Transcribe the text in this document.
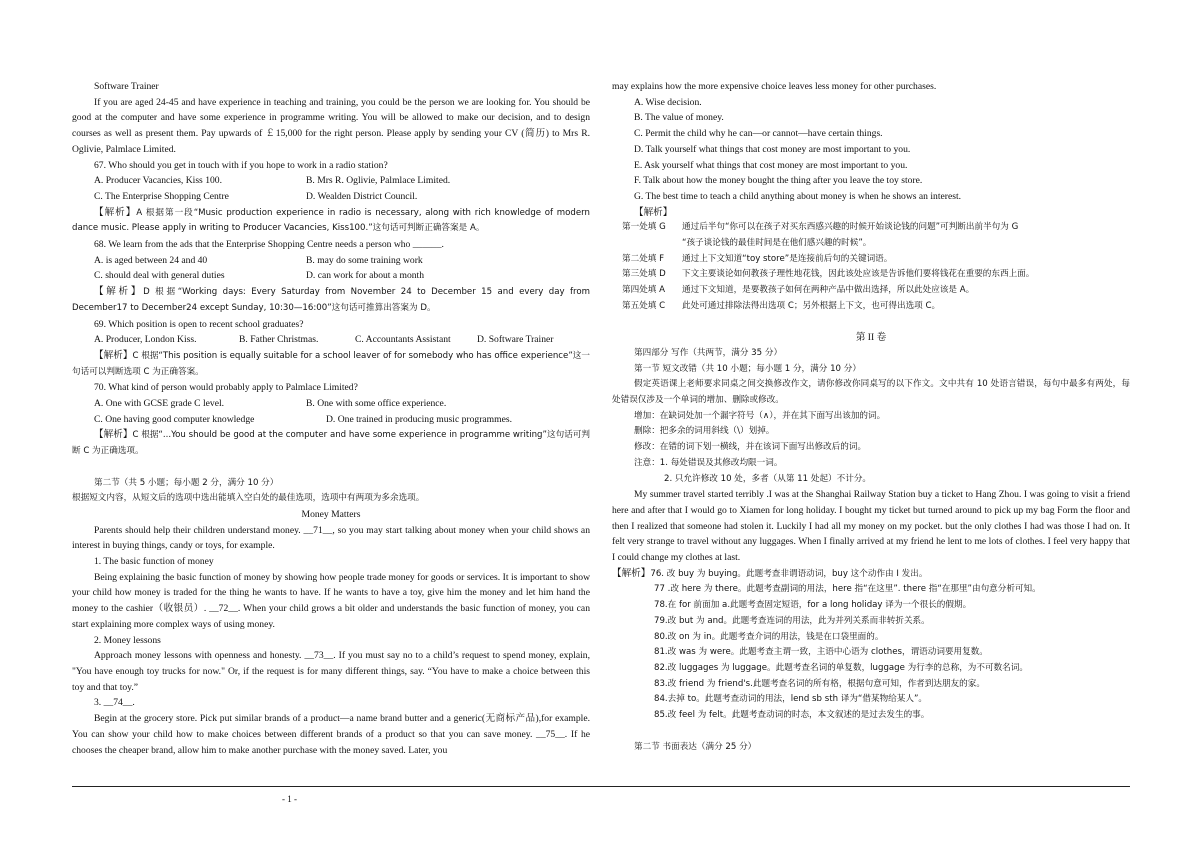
Software Trainer

If you are aged 24-45 and have experience in teaching and training, you could be the person we are looking for. You should be good at the computer and have some experience in programme writing. You will be allowed to make our decision, and to design courses as well as present them. Pay upwards of ￡15,000 for the right person. Please apply by sending your CV (简历) to Mrs R. Oglivie, Palmlace Limited.

67. Who should you get in touch with if you hope to work in a radio station?
A. Producer Vacancies, Kiss 100.	B. Mrs R. Oglivie, Palmlace Limited.
C. The Enterprise Shopping Centre	D. Wealden District Council.

【解析】A 根据第一段“Music production experience in radio is necessary, along with rich knowledge of modern dance music. Please apply in writing to Producer Vacancies, Kiss100.”这句话可判断正确答案是 A。

68. We learn from the ads that the Enterprise Shopping Centre needs a person who ______.
A. is aged between 24 and 40	B. may do some training work
C. should deal with general duties	D. can work for about a month

【解析】D 根据“Working days: Every Saturday from November 24 to December 15 and every day from December17 to December24 except Sunday, 10:30—16:00”这句话可推算出答案为 D。

69. Which position is open to recent school graduates?
A. Producer, London Kiss.	B. Father Christmas.	C. Accountants Assistant	D. Software Trainer

【解析】C 根据“This position is equally suitable for a school leaver of for somebody who has office experience”这一句话可以判断选项 C 为正确答案。

70. What kind of person would probably apply to Palmlace Limited?
A. One with GCSE grade C level.	B. One with some office experience.
C. One having good computer knowledge	D. One trained in producing music programmes.

【解析】C 根据“...You should be good at the computer and have some experience in programme writing”这句话可判断 C 为正确选项。

第二节（共 5 小题；每小题 2 分，满分 10 分）
根据短文内容，从短文后的选项中选出能填入空白处的最佳选项，选项中有两项为多余选项。
Money Matters

Parents should help their children understand money. __71__, so you may start talking about money when your child shows an interest in buying things, candy or toys, for example.

1. The basic function of money

Being explaining the basic function of money by showing how people trade money for goods or services. It is important to show your child how money is traded for the thing he wants to have. If he wants to have a toy, give him the money and let him hand the money to the cashier（收银员）. __72__. When your child grows a bit older and understands the basic function of money, you can start explaining more complex ways of using money.

2. Money lessons

Approach money lessons with openness and honesty. __73__. If you must say no to a child’s request to spend money, explain, "You have enough toy trucks for now." Or, if the request is for many different things, say. “You have to make a choice between this toy and that toy.”

3. __74__.

Begin at the grocery store. Pick put similar brands of a product—a name brand butter and a generic(无商标产品),for example. You can show your child how to make choices between different brands of a product so that you can save money. __75__. If he chooses the cheaper brand, allow him to make another purchase with the money saved. Later, you

may explains how the more expensive choice leaves less money for other purchases.
A. Wise decision.
B. The value of money.
C. Permit the child why he can—or cannot—have certain things.
D. Talk yourself what things that cost money are most important to you.
E. Ask yourself what things that cost money are most important to you.
F. Talk about how the money bought the thing after you leave the toy store.
G. The best time to teach a child anything about money is when he shows an interest.
【解析】
第一处填 G	通过后半句“你可以在孩子对买东西感兴趣的时候开始谈论钱的问题”可判断出前半句为 G
“孩子谈论钱的最佳时间是在他们感兴趣的时候”。
第二处填 F	通过上下文知道“toy store”是连接前后句的关键词语。
第三处填 D	下文主要谈论如何教孩子理性地花钱，因此该处应该是告诉他们要将钱花在重要的东西上面。
第四处填 A	通过下文知道，是要教孩子如何在两种产品中做出选择，所以此处应该是 A。
第五处填 C	此处可通过排除法得出选项 C；另外根据上下文，也可得出选项 C。
第 II 卷
第四部分 写作（共两节，满分 35 分）
第一节 短文改错（共 10 小题；每小题 1 分，满分 10 分）

假定英语课上老师要求同桌之间交换修改作文，请你修改你同桌写的以下作文。文中共有 10 处语言错误，每句中最多有两处，每处错误仅涉及一个单词的增加、删除或修改。

增加：在缺词处加一个漏字符号（∧），并在其下面写出该加的词。
删除：把多余的词用斜线（\）划掉。
修改：在错的词下划一横线，并在该词下面写出修改后的词。
注意：1. 每处错误及其修改均限一词。
2. 只允许修改 10 处，多者（从第 11 处起）不计分。

My summer travel started terribly .I was at the Shanghai Railway Station buy a ticket to Hang Zhou. I was going to visit a friend here and after that I would go to Xiamen for long holiday. I bought my ticket but turned around to pick up my bag Form the floor and then I realized that someone had stolen it. Luckily I had all my money on my pocket. but the only clothes I had was those I had on. It felt very strange to travel without any luggages. When I finally arrived at my friend he lent to me lots of clothes. I feel very happy that I could change my clothes at last.

【解析】76. 改 buy 为 buying。此题考查非谓语动词，buy 这个动作由 I 发出。
77 .改 here 为 there。此题考查副词的用法，here 指“在这里”. there 指“在那里”由句意分析可知。
78.在 for 前面加 a.此题考查固定短语，for a long holiday 译为一个很长的假期。
79.改 but 为 and。此题考查连词的用法，此为并列关系而非转折关系。
80.改 on 为 in。此题考查介词的用法，钱是在口袋里面的。
81.改 was 为 were。此题考查主谓一致，主语中心语为 clothes，谓语动词要用复数。
82.改 luggages 为 luggage。此题考查名词的单复数，luggage 为行李的总称，为不可数名词。
83.改 friend 为 friend's.此题考查名词的所有格，根据句意可知，作者到达朋友的家。
84.去掉 to。此题考查动词的用法，lend sb sth 译为“借某物给某人”。
85.改 feel 为 felt。此题考查动词的时态，本文叙述的是过去发生的事。
第二节 书面表达（满分 25 分）
- 1 -
